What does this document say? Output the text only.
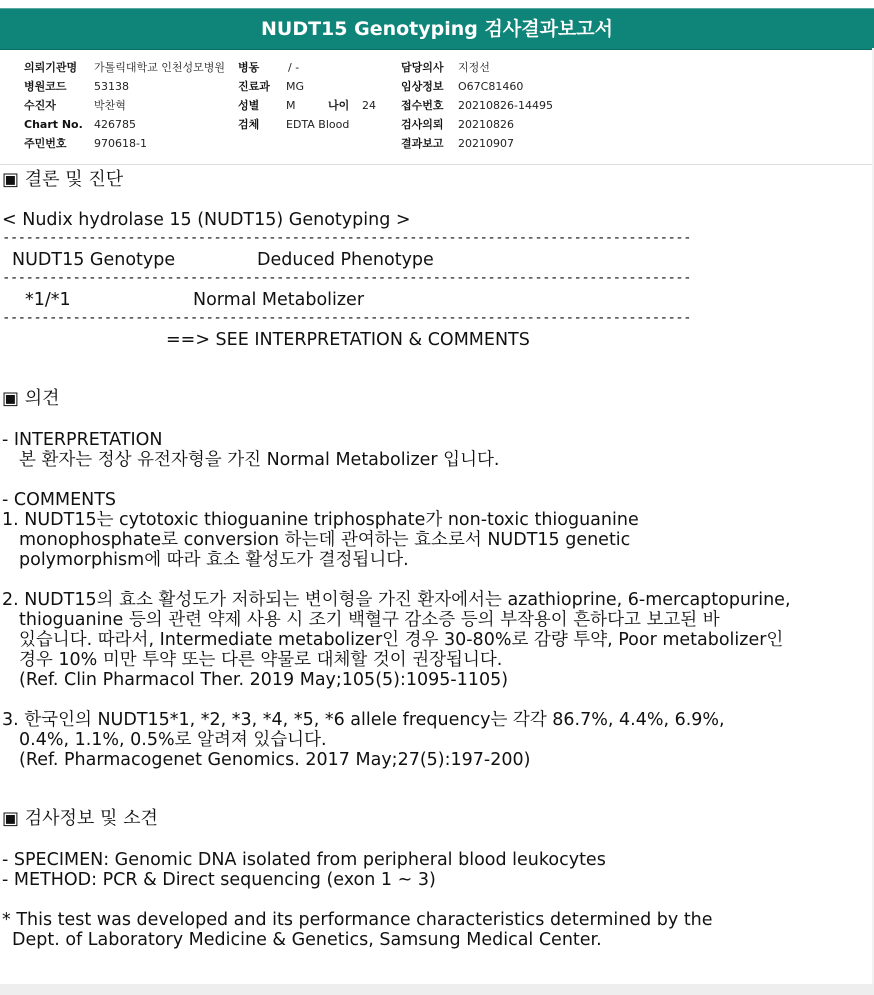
NUDT15 Genotyping 검사결과보고서
의뢰기관명 가톨릭대학교 인천성모병원
병원코드 53138
수진자	박찬혁
Chart No. 426785
주민번호 970618-1
병동	/ -
진료과 MG
성별 M	나이 24
검체 EDTA Blood
담당의사 지정선
임상정보 O67C81460
접수번호 20210826-14495
검사의뢰 20210826
결과보고 20210907
▣ 결론 및 진단
< Nudix hydrolase 15 (NUDT15) Genotyping >
----------------------------------------------------------------------------------------
NUDT15 Genotype	Deduced Phenotype
----------------------------------------------------------------------------------------
*1/*1	Normal Metabolizer
----------------------------------------------------------------------------------------
==> SEE INTERPRETATION & COMMENTS
▣ 의견
- INTERPRETATION
본 환자는 정상 유전자형을 가진 Normal Metabolizer 입니다.
- COMMENTS
1. NUDT15는 cytotoxic thioguanine triphosphate가 non-toxic thioguanine
monophosphate로 conversion 하는데 관여하는 효소로서 NUDT15 genetic
polymorphism에 따라 효소 활성도가 결정됩니다.
2. NUDT15의 효소 활성도가 저하되는 변이형을 가진 환자에서는 azathioprine, 6-mercaptopurine,
thioguanine 등의 관련 약제 사용 시 조기 백혈구 감소증 등의 부작용이 흔하다고 보고된 바
있습니다. 따라서, Intermediate metabolizer인 경우 30-80%로 감량 투약, Poor metabolizer인
경우 10% 미만 투약 또는 다른 약물로 대체할 것이 권장됩니다.
(Ref. Clin Pharmacol Ther. 2019 May;105(5):1095-1105)
3. 한국인의 NUDT15*1, *2, *3, *4, *5, *6 allele frequency는 각각 86.7%, 4.4%, 6.9%,
0.4%, 1.1%, 0.5%로 알려져 있습니다.
(Ref. Pharmacogenet Genomics. 2017 May;27(5):197-200)
▣ 검사정보 및 소견
- SPECIMEN: Genomic DNA isolated from peripheral blood leukocytes
- METHOD: PCR & Direct sequencing (exon 1 ~ 3)
* This test was developed and its performance characteristics determined by the
Dept. of Laboratory Medicine & Genetics, Samsung Medical Center.
